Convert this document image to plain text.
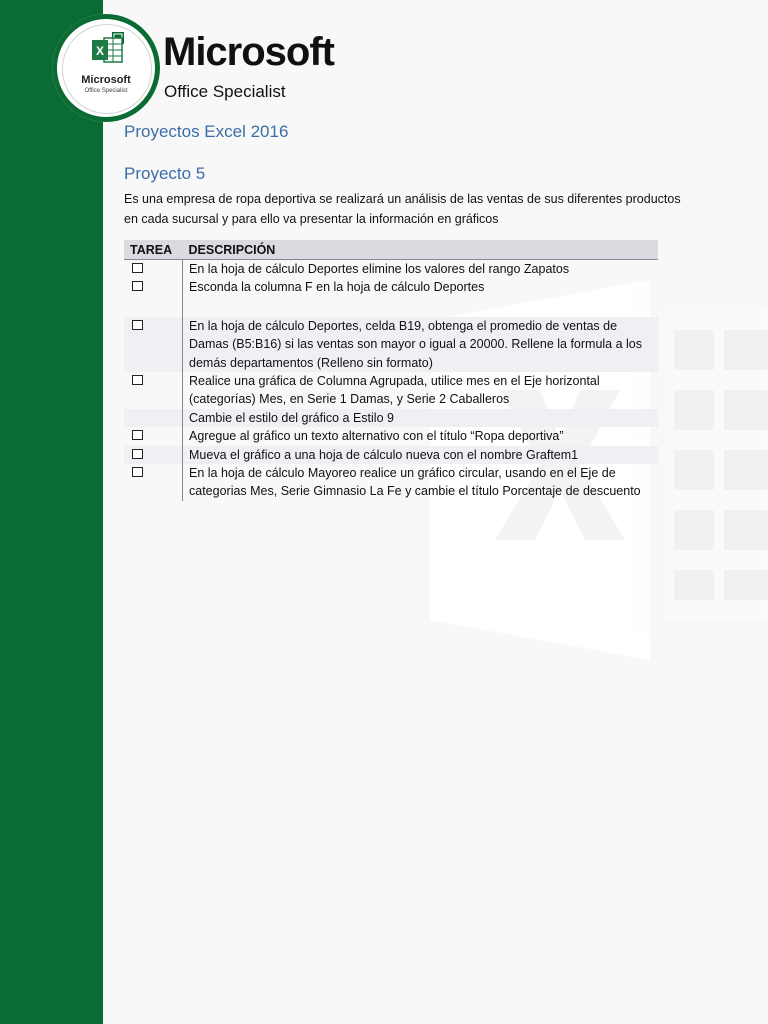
X
Microsoft
Office Specialist
Microsoft
Office Specialist
Proyectos Excel 2016
Proyecto 5
Es una empresa de ropa deportiva se realizará un análisis de las ventas de sus diferentes productos en cada sucursal y para ello va presentar la información en gráficos
TAREA	DESCRIPCIÓN
	En la hoja de cálculo Deportes elimine los valores del rango Zapatos
	Esconda la columna F en la hoja de cálculo Deportes
	En la hoja de cálculo Deportes, celda B19, obtenga el promedio de ventas de Damas (B5:B16) si las ventas son mayor o igual a 20000. Rellene la formula a los demás departamentos (Relleno sin formato)
	Realice una gráfica de Columna Agrupada, utilice mes en el Eje horizontal (categorías) Mes, en Serie 1 Damas, y Serie 2 Caballeros
	Cambie el estilo del gráfico a Estilo 9
	Agregue al gráfico un texto alternativo con el título “Ropa deportiva”
	Mueva el gráfico a una hoja de cálculo nueva con el nombre Graftem1
	En la hoja de cálculo Mayoreo realice un gráfico circular, usando en el Eje de categorias Mes, Serie Gimnasio La Fe y cambie el título Porcentaje de descuento
